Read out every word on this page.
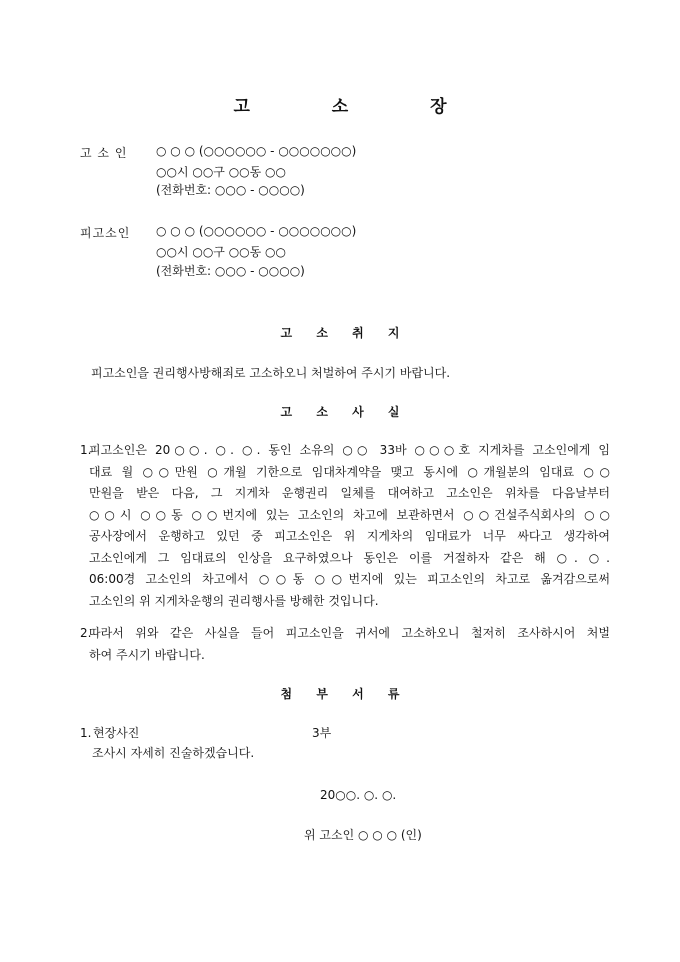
고 소 장
고 소 인 ○ ○ ○ (○○○○○○ - ○○○○○○○)
○○시 ○○구 ○○동 ○○
(전화번호: ○○○ - ○○○○)
피고소인 ○ ○ ○ (○○○○○○ - ○○○○○○○)
○○시 ○○구 ○○동 ○○
(전화번호: ○○○ - ○○○○)
고 소 취 지
피고소인을 권리행사방해죄로 고소하오니 처벌하여 주시기 바랍니다.
고 소 사 실
1.
피고소인은 20○○. ○. ○. 동인 소유의 ○○ 33바 ○○○호 지게차를 고소인에게 임
대료 월 ○○만원 ○개월 기한으로 임대차계약을 맺고 동시에 ○개월분의 임대료 ○○
만원을 받은 다음, 그 지게차 운행권리 일체를 대여하고 고소인은 위차를 다음날부터
○○시 ○○동 ○○번지에 있는 고소인의 차고에 보관하면서 ○○건설주식회사의 ○○
공사장에서 운행하고 있던 중 피고소인은 위 지게차의 임대료가 너무 싸다고 생각하여
고소인에게 그 임대료의 인상을 요구하였으나 동인은 이를 거절하자 같은 해 ○. ○.
06:00경 고소인의 차고에서 ○○동 ○○번지에 있는 피고소인의 차고로 옮겨감으로써
고소인의 위 지게차운행의 권리행사를 방해한 것입니다.
2.
따라서 위와 같은 사실을 들어 피고소인을 귀서에 고소하오니 철저히 조사하시어 처벌
하여 주시기 바랍니다.
첨 부 서 류
1. 현장사진	3부
조사시 자세히 진술하겠습니다.
20○○. ○. ○.
위 고소인 ○ ○ ○ (인)
